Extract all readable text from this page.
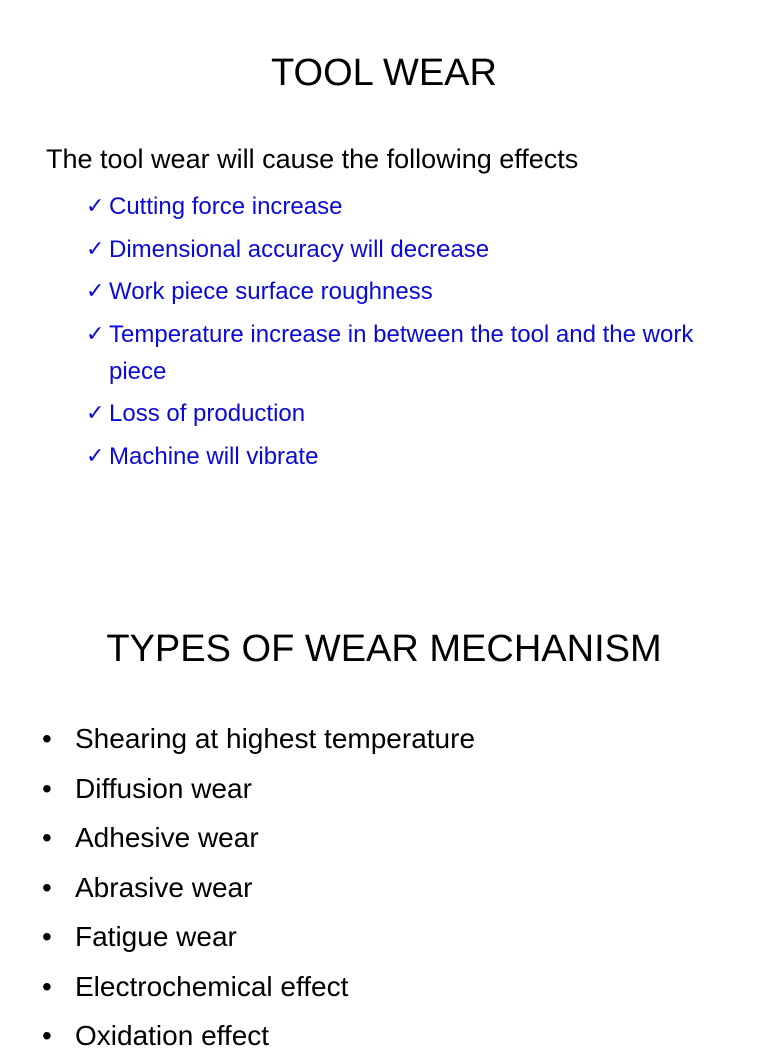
TOOL WEAR

The tool wear will cause the following effects

✓ Cutting force increase
✓ Dimensional accuracy will decrease
✓ Work piece surface roughness
✓ Temperature increase in between the tool and the work piece
✓ Loss of production
✓ Machine will vibrate
TYPES OF WEAR MECHANISM
• Shearing at highest temperature
• Diffusion wear
• Adhesive wear
• Abrasive wear
• Fatigue wear
• Electrochemical effect
• Oxidation effect
